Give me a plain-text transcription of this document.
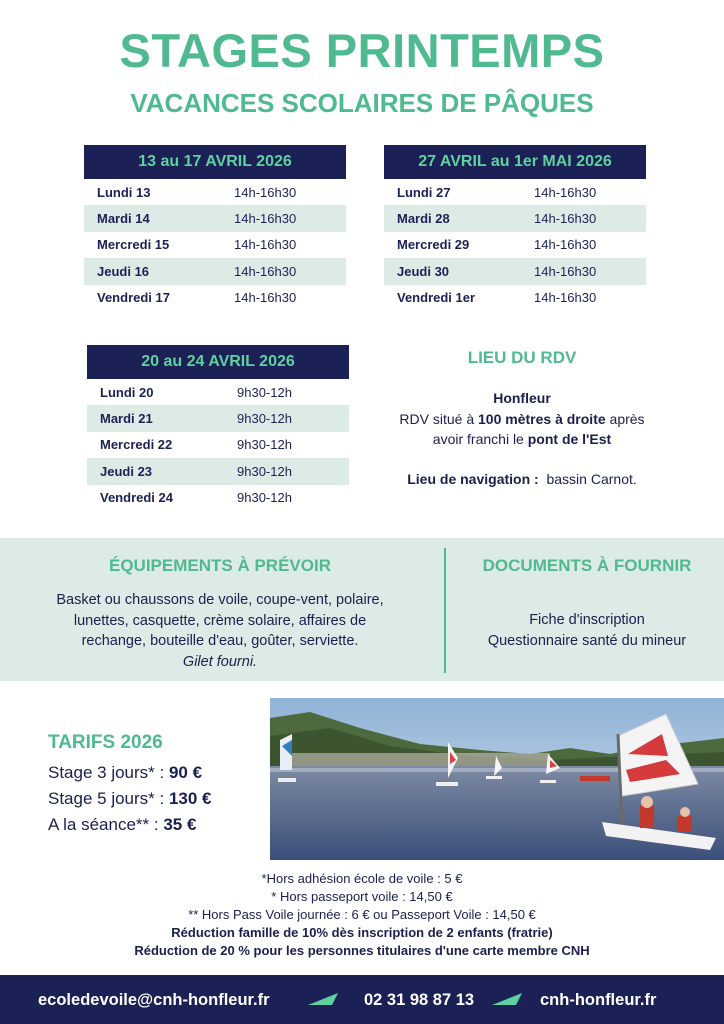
STAGES PRINTEMPS
VACANCES SCOLAIRES DE PÂQUES
13 au 17 AVRIL 2026
Lundi 13	14h-16h30
Mardi 14	14h-16h30
Mercredi 15	14h-16h30
Jeudi 16	14h-16h30
Vendredi 17	14h-16h30
27 AVRIL au 1er MAI 2026
Lundi 27	14h-16h30
Mardi 28	14h-16h30
Mercredi 29	14h-16h30
Jeudi 30	14h-16h30
Vendredi 1er	14h-16h30
20 au 24 AVRIL 2026
Lundi 20	9h30-12h
Mardi 21	9h30-12h
Mercredi 22	9h30-12h
Jeudi 23	9h30-12h
Vendredi 24	9h30-12h
LIEU DU RDV
Honfleur
RDV situé à 100 mètres à droite après
avoir franchi le pont de l'Est
Lieu de navigation : bassin Carnot.
ÉQUIPEMENTS À PRÉVOIR
Basket ou chaussons de voile, coupe-vent, polaire,
lunettes, casquette, crème solaire, affaires de
rechange, bouteille d'eau, goûter, serviette.
Gilet fourni.
DOCUMENTS À FOURNIR
Fiche d'inscription
Questionnaire santé du mineur
TARIFS 2026
Stage 3 jours* : 90 €
Stage 5 jours* : 130 €
A la séance** : 35 €
*Hors adhésion école de voile : 5 €
* Hors passeport voile : 14,50 €
** Hors Pass Voile journée : 6 € ou Passeport Voile : 14,50 €
Réduction famille de 10% dès inscription de 2 enfants (fratrie)
Réduction de 20 % pour les personnes titulaires d'une carte membre CNH
ecoledevoile@cnh-honfleur.fr	02 31 98 87 13	cnh-honfleur.fr
